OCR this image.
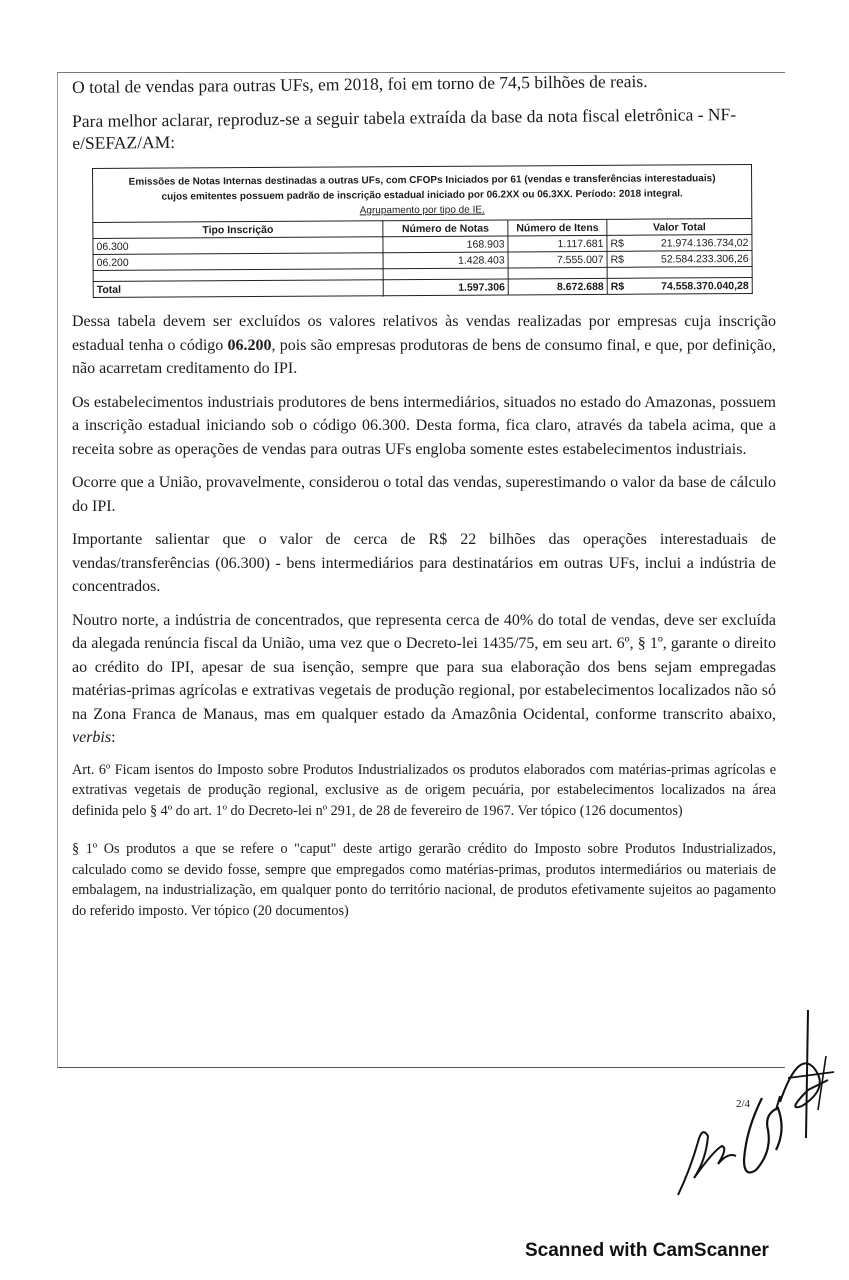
O total de vendas para outras UFs, em 2018, foi em torno de 74,5 bilhões de reais.

Para melhor aclarar, reproduz-se a seguir tabela extraída da base da nota fiscal eletrônica - NF-e/SEFAZ/AM:

Emissões de Notas Internas destinadas a outras UFs, com CFOPs Iniciados por 61 (vendas e transferências interestaduais)
cujos emitentes possuem padrão de inscrição estadual iniciado por 06.2XX ou 06.3XX. Período: 2018 integral.
Agrupamento por tipo de IE.
Tipo Inscrição	Número de Notas	Número de Itens	Valor Total	
06.300	168.903	1.117.681	R$	21.974.136.734,02
06.200	1.428.403	7.555.007	R$	52.584.233.306,26

Total	1.597.306	8.672.688	R$	74.558.370.040,28

Dessa tabela devem ser excluídos os valores relativos às vendas realizadas por empresas cuja inscrição estadual tenha o código 06.200, pois são empresas produtoras de bens de consumo final, e que, por definição, não acarretam creditamento do IPI.

Os estabelecimentos industriais produtores de bens intermediários, situados no estado do Amazonas, possuem a inscrição estadual iniciando sob o código 06.300. Desta forma, fica claro, através da tabela acima, que a receita sobre as operações de vendas para outras UFs engloba somente estes estabelecimentos industriais.

Ocorre que a União, provavelmente, considerou o total das vendas, superestimando o valor da base de cálculo do IPI.

Importante salientar que o valor de cerca de R$ 22 bilhões das operações interestaduais de vendas/transferências (06.300) - bens intermediários para destinatários em outras UFs, inclui a indústria de concentrados.

Noutro norte, a indústria de concentrados, que representa cerca de 40% do total de vendas, deve ser excluída da alegada renúncia fiscal da União, uma vez que o Decreto-lei 1435/75, em seu art. 6º, § 1º, garante o direito ao crédito do IPI, apesar de sua isenção, sempre que para sua elaboração dos bens sejam empregadas matérias-primas agrícolas e extrativas vegetais de produção regional, por estabelecimentos localizados não só na Zona Franca de Manaus, mas em qualquer estado da Amazônia Ocidental, conforme transcrito abaixo, verbis:

Art. 6º Ficam isentos do Imposto sobre Produtos Industrializados os produtos elaborados com matérias-primas agrícolas e extrativas vegetais de produção regional, exclusive as de origem pecuária, por estabelecimentos localizados na área definida pelo § 4º do art. 1º do Decreto-lei nº 291, de 28 de fevereiro de 1967. Ver tópico (126 documentos)

§ 1º Os produtos a que se refere o "caput" deste artigo gerarão crédito do Imposto sobre Produtos Industrializados, calculado como se devido fosse, sempre que empregados como matérias-primas, produtos intermediários ou materiais de embalagem, na industrialização, em qualquer ponto do território nacional, de produtos efetivamente sujeitos ao pagamento do referido imposto. Ver tópico (20 documentos)

2/4
Scanned with CamScanner
